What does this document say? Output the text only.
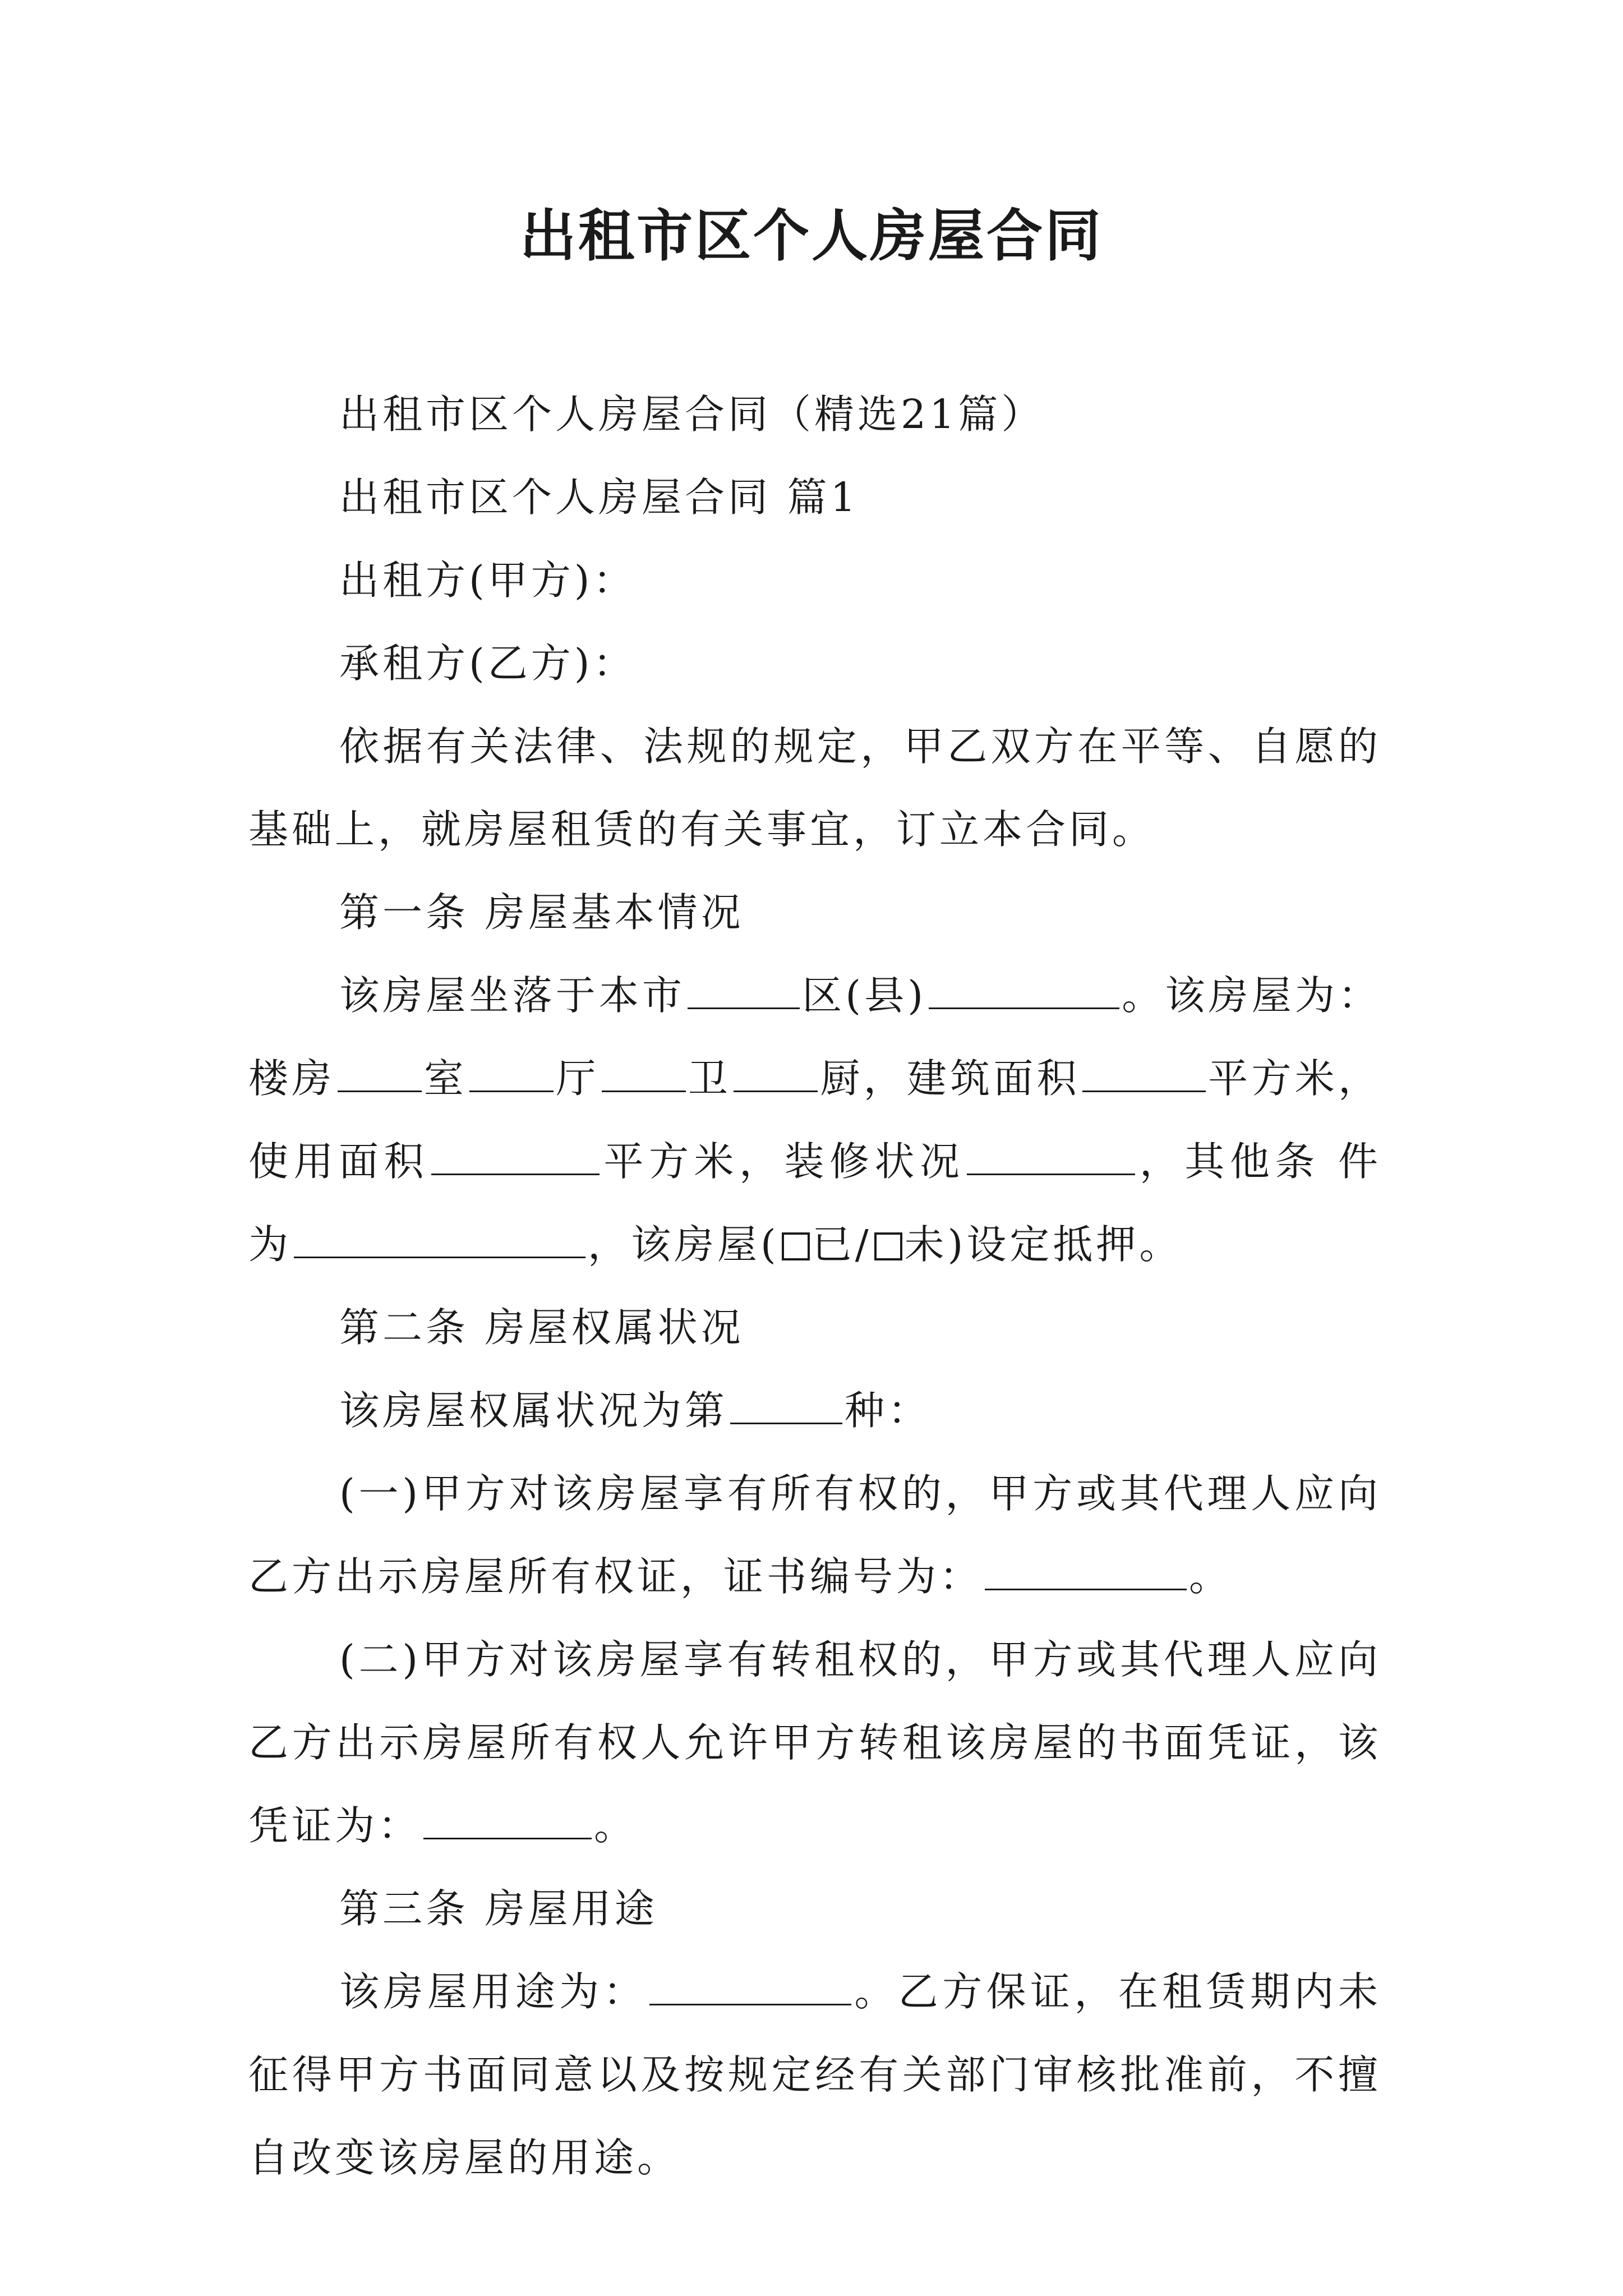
出租市区个人房屋合同

出租市区个人房屋合同（精选21篇）

出租市区个人房屋合同 篇1

出租方(甲方)：

承租方(乙方)：

依据有关法律、法规的规定，甲乙双方在平等、自愿的基础上，就房屋租赁的有关事宜，订立本合同。

第一条 房屋基本情况

该房屋坐落于本市	区(县)	。该房屋为：楼房 室 厅 卫 厨，建筑面积	平方米，使用面积	平方米，装修状况	，其他条 件为	，该房屋( 已/ 未)设定抵押。

第二条 房屋权属状况

该房屋权属状况为第	种：

(一)甲方对该房屋享有所有权的，甲方或其代理人应向乙方出示房屋所有权证，证书编号为：	。

(二)甲方对该房屋享有转租权的，甲方或其代理人应向乙方出示房屋所有权人允许甲方转租该房屋的书面凭证，该凭证为：	。

第三条 房屋用途

该房屋用途为：	。乙方保证，在租赁期内未征得甲方书面同意以及按规定经有关部门审核批准前，不擅自改变该房屋的用途。
